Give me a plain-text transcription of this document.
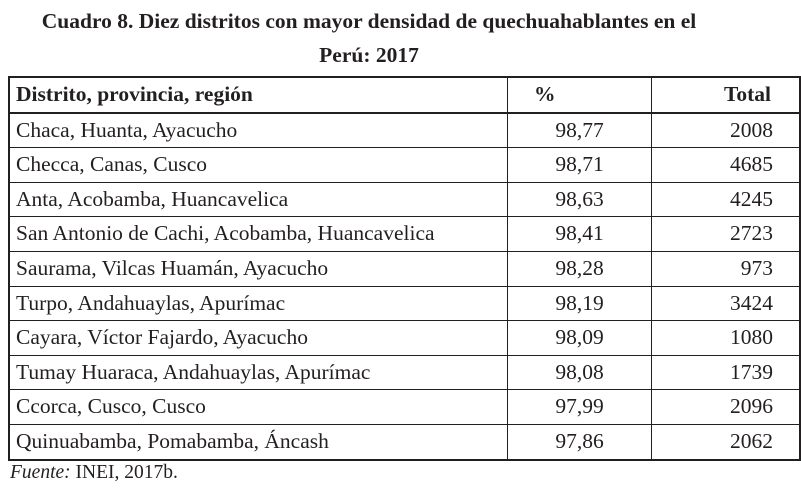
Cuadro 8. Diez distritos con mayor densidad de quechuahablantes en el
Perú: 2017
Distrito, provincia, región	%	Total
Chaca, Huanta, Ayacucho	98,77	2008
Checca, Canas, Cusco	98,71	4685
Anta, Acobamba, Huancavelica	98,63	4245
San Antonio de Cachi, Acobamba, Huancavelica	98,41	2723
Saurama, Vilcas Huamán, Ayacucho	98,28	973
Turpo, Andahuaylas, Apurímac	98,19	3424
Cayara, Víctor Fajardo, Ayacucho	98,09	1080
Tumay Huaraca, Andahuaylas, Apurímac	98,08	1739
Ccorca, Cusco, Cusco	97,99	2096
Quinuabamba, Pomabamba, Áncash	97,86	2062
Fuente: INEI, 2017b.
